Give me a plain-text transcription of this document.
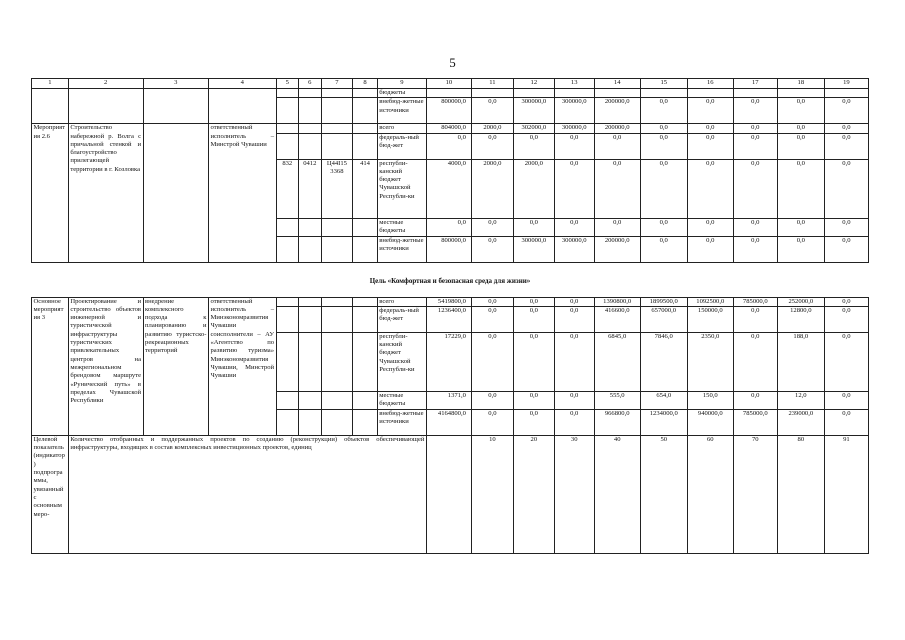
5
1	2	3	4	5	6	7	8	9	10	11	12	13	14	15	16	17	18	19
								бюджеты										
								внебюд-жетные источники	800000,0	0,0	300000,0	300000,0	200000,0	0,0	0,0	0,0	0,0	0,0
Мероприятия 2.6	Строительство набережной р. Волга с причальной стенкой и благоустройство прилегающей территории в г. Козловка		ответственный исполнитель – Минстрой Чувашии					всего	804000,0	2000,0	302000,0	300000,0	200000,0	0,0	0,0	0,0	0,0	0,0
								федераль-ный бюд-жет	0,0	0,0	0,0	0,0	0,0	0,0	0,0	0,0	0,0	0,0
				832	0412	Ц44I15 3368	414	республи-канский бюджет Чувашской Республи-ки	4000,0	2000,0	2000,0	0,0	0,0	0,0	0,0	0,0	0,0	0,0
								местные бюджеты	0,0	0,0	0,0	0,0	0,0	0,0	0,0	0,0	0,0	0,0
								внебюд-жетные источники	800000,0	0,0	300000,0	300000,0	200000,0	0,0	0,0	0,0	0,0	0,0
Цель «Комфортная и безопасная среда для жизни»																		
Основное мероприятия 3	Проектирование и строительство объектов инженерной и туристической инфраструктуры туристических привлекательных центров на межрегиональном брендовом маршруте «Рунический путь» в пределах Чувашской Республики	внедрение комплексного подхода к планированию и развитию туристско-рекреационных территорий	ответственный исполнитель – Минэкономразвития Чувашии соисполнители – АУ «Агентство по развитию туризма» Минэкономразвития Чувашии, Минстрой Чувашии					всего	5419800,0	0,0	0,0	0,0	1390800,0	1899500,0	1092500,0	785000,0	252000,0	0,0
								федераль-ный бюд-жет	1236400,0	0,0	0,0	0,0	416600,0	657000,0	150000,0	0,0	12800,0	0,0
								республи-канский бюджет Чувашской Республи-ки	17229,0	0,0	0,0	0,0	6845,0	7846,0	2350,0	0,0	188,0	0,0
								местные бюджеты	1371,0	0,0	0,0	0,0	555,0	654,0	150,0	0,0	12,0	0,0
								внебюд-жетные источники	4164800,0	0,0	0,0	0,0	966800,0	1234000,0	940000,0	785000,0	239000,0	0,0
Целевой показатель (индикатор) подпрограммы, увязанный с основным меро-	Количество отобранных и поддержанных проектов по созданию (реконструкции) объектов обеспечивающей инфраструктуры, входящих в состав комплексных инвестиционных проектов, единиц									10	20	30	40	50	60	70	80	91
